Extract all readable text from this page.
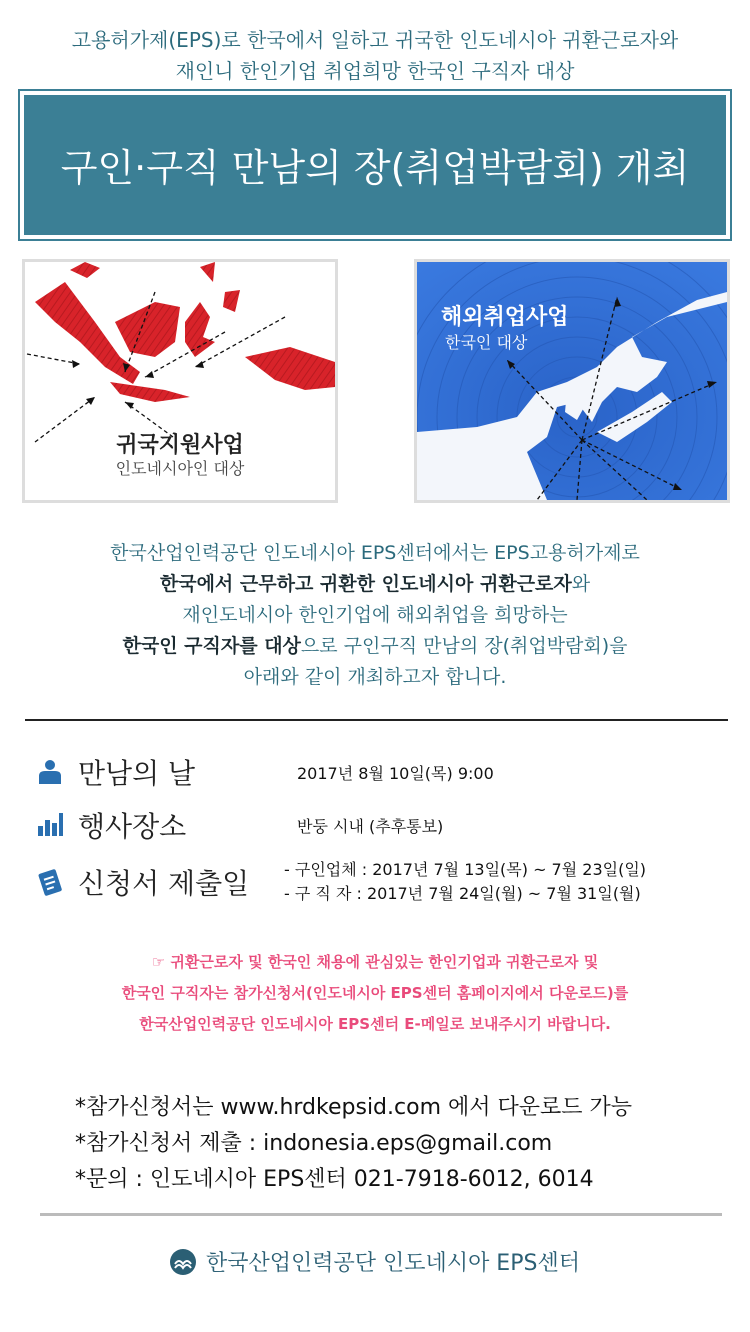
고용허가제(EPS)로 한국에서 일하고 귀국한 인도네시아 귀환근로자와
재인니 한인기업 취업희망 한국인 구직자 대상
구인·구직 만남의 장(취업박람회) 개최
귀국지원사업
인도네시아인 대상
해외취업사업
한국인 대상
한국산업인력공단 인도네시아 EPS센터에서는 EPS고용허가제로
한국에서 근무하고 귀환한 인도네시아 귀환근로자와
재인도네시아 한인기업에 해외취업을 희망하는
한국인 구직자를 대상으로 구인구직 만남의 장(취업박람회)을
아래와 같이 개최하고자 합니다.
만남의 날	2017년 8월 10일(목) 9:00
행사장소	반둥 시내 (추후통보)
신청서 제출일 - 구인업체 : 2017년 7월 13일(목) ~ 7월 23일(일)
- 구 직 자 : 2017년 7월 24일(월) ~ 7월 31일(월)
☞ 귀환근로자 및 한국인 채용에 관심있는 한인기업과 귀환근로자 및
한국인 구직자는 참가신청서(인도네시아 EPS센터 홈페이지에서 다운로드)를
한국산업인력공단 인도네시아 EPS센터 E-메일로 보내주시기 바랍니다.
*참가신청서는 www.hrdkepsid.com 에서 다운로드 가능
*참가신청서 제출 : indonesia.eps@gmail.com
*문의 : 인도네시아 EPS센터 021-7918-6012, 6014
한국산업인력공단 인도네시아 EPS센터
